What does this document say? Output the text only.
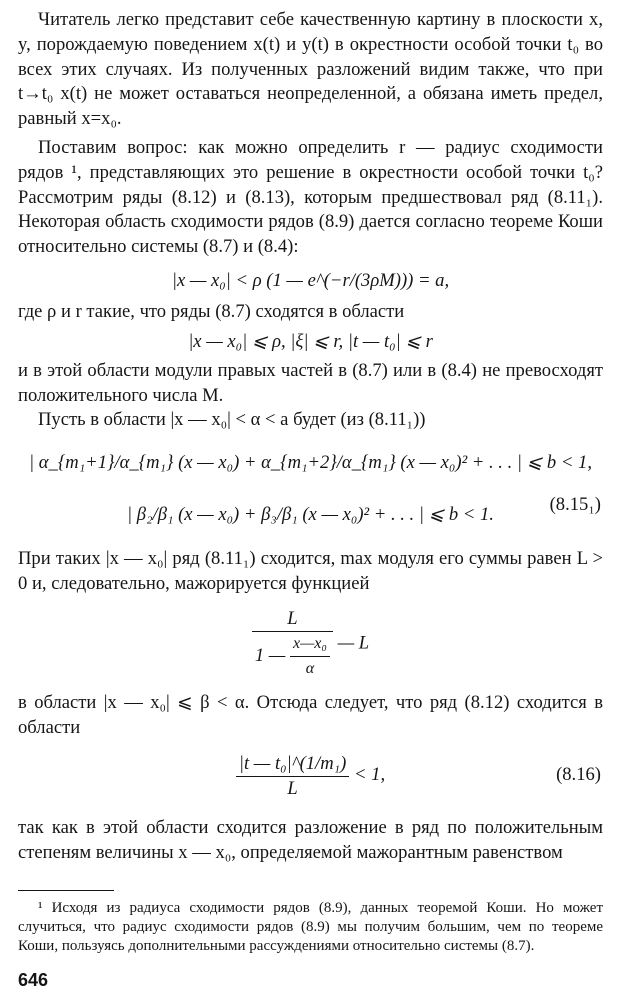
Читатель легко представит себе качественную картину в плоскости x, y, порождаемую поведением x(t) и y(t) в окрестности особой точки t₀ во всех этих случаях. Из полученных разложений видим также, что при t→t₀ x(t) не может оставаться неопределенной, а обязана иметь предел, равный x=x₀.

Поставим вопрос: как можно определить r — радиус сходимости рядов ¹, представляющих это решение в окрестности особой точки t₀? Рассмотрим ряды (8.12) и (8.13), которым предшествовал ряд (8.11₁). Некоторая область сходимости рядов (8.9) дается согласно теореме Коши относительно системы (8.7) и (8.4):

|x — x₀| < ρ (1 — e^(−r/(3ρM))) = a,

где ρ и r такие, что ряды (8.7) сходятся в области

|x — x₀| ⩽ ρ, |ξ| ⩽ r, |t — t₀| ⩽ r

и в этой области модули правых частей в (8.7) или в (8.4) не превосходят положительного числа M.

Пусть в области |x — x₀| < α < a будет (из (8.11₁))

| α_{m₁+1}/α_{m₁} (x — x₀) + α_{m₁+2}/α_{m₁} (x — x₀)² + . . . | ⩽ b < 1,
| β₂/β₁ (x — x₀) + β₃/β₁ (x — x₀)² + . . . | ⩽ b < 1.	(8.15₁)

При таких |x — x₀| ряд (8.11₁) сходится, max модуля его суммы равен L > 0 и, следовательно, мажорируется функцией

$\frac{L}{1 — \frac{\text{x—x₀}}{\alpha}}$ — L

в области |x — x₀| ⩽ β < α. Отсюда следует, что ряд (8.12) сходится в области

$\frac{\text{|t — t₀|\textasciicircum{}(1/m₁)}}{L} < 1$,	(8.16)

так как в этой области сходится разложение в ряд по положительным степеням величины x — x₀, определяемой мажорантным равенством

¹ Исходя из радиуса сходимости рядов (8.9), данных теоремой Коши. Но может случиться, что радиус сходимости рядов (8.9) мы получим большим, чем по теореме Коши, пользуясь дополнительными рассуждениями относительно системы (8.7).

646
